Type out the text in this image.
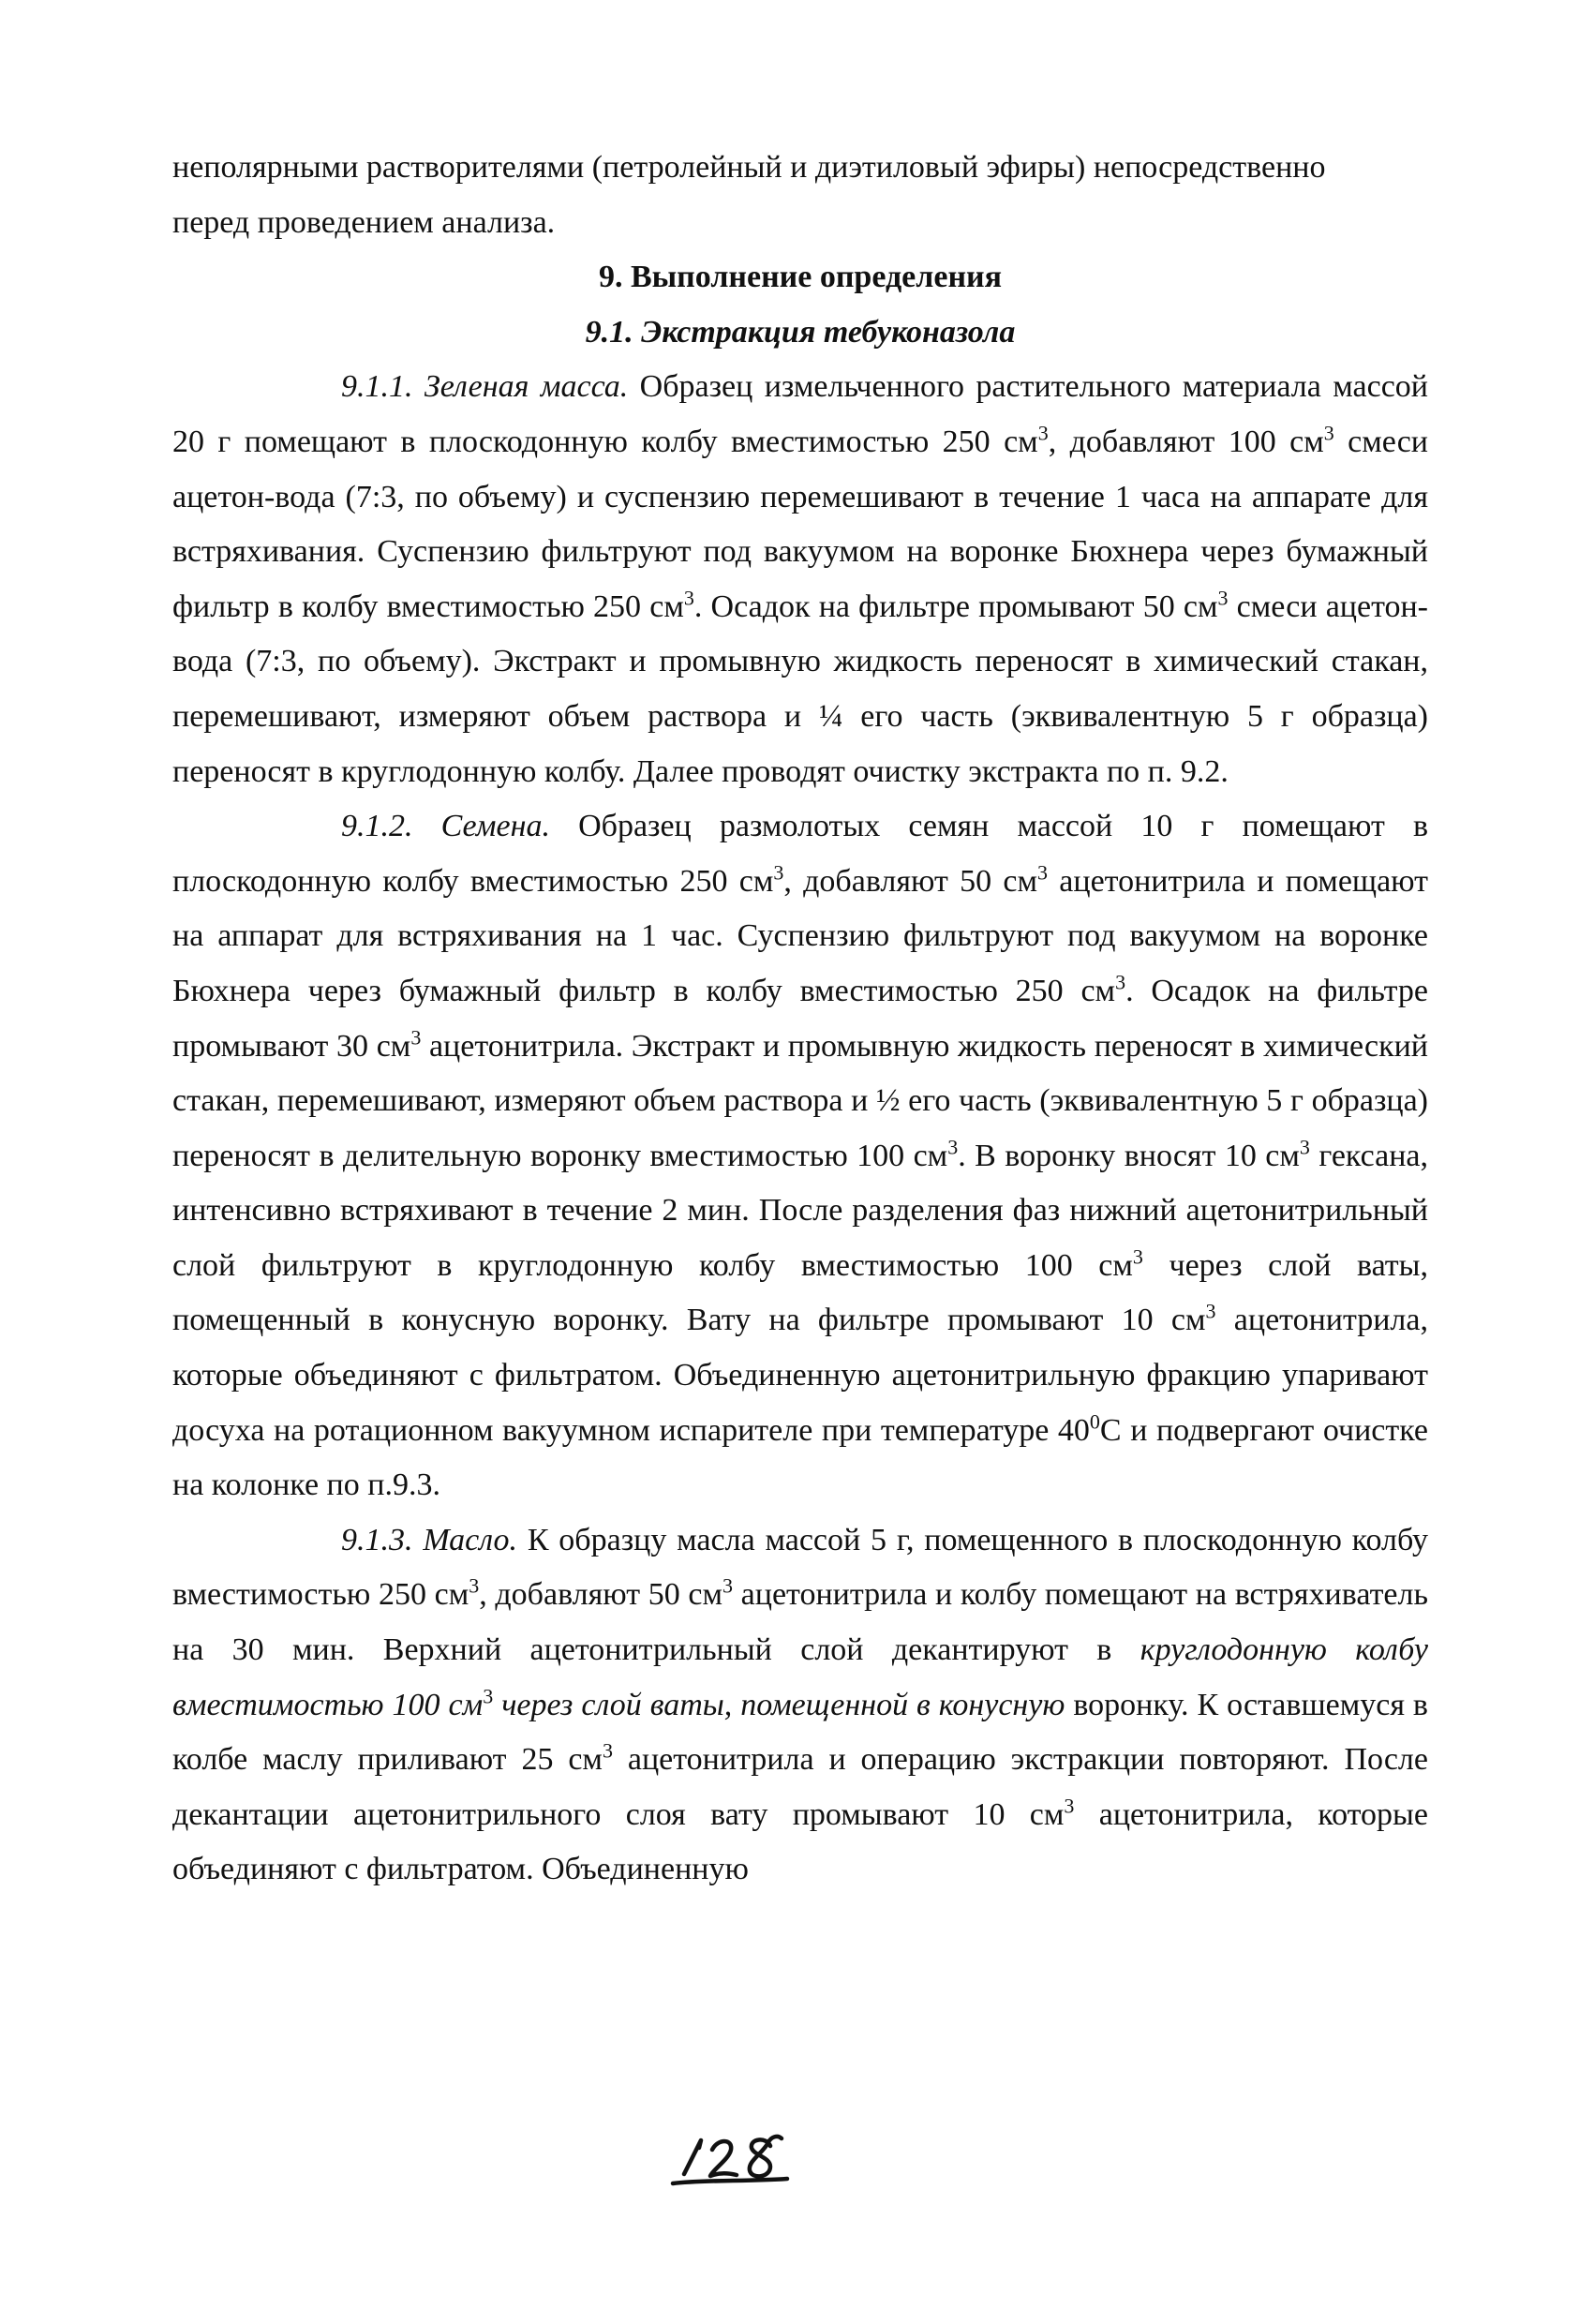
неполярными растворителями (петролейный и диэтиловый эфиры) непосредственно
перед проведением анализа.

9. Выполнение определения

9.1. Экстракция тебуконазола

9.1.1. Зеленая масса. Образец измельченного растительного материала массой 20 г помещают в плоскодонную колбу вместимостью 250 $см^3$, добавляют 100 $см^3$ смеси ацетон-вода (7:3, по объему) и суспензию перемешивают в течение 1 часа на аппарате для встряхивания. Суспензию фильтруют под вакуумом на воронке Бюхнера через бумажный фильтр в колбу вместимостью 250 $см^3$. Осадок на фильтре промывают 50 $см^3$ смеси ацетон-вода (7:3, по объему). Экстракт и промывную жидкость переносят в химический стакан, перемешивают, измеряют объем раствора и ¼ его часть (эквивалентную 5 г образца) переносят в круглодонную колбу. Далее проводят очистку экстракта по п. 9.2.

9.1.2. Семена. Образец размолотых семян массой 10 г помещают в плоскодонную колбу вместимостью 250 $см^3$, добавляют 50 $см^3$ ацетонитрила и помещают на аппарат для встряхивания на 1 час. Суспензию фильтруют под вакуумом на воронке Бюхнера через бумажный фильтр в колбу вместимостью 250 $см^3$. Осадок на фильтре промывают 30 $см^3$ ацетонитрила. Экстракт и промывную жидкость переносят в химический стакан, перемешивают, измеряют объем раствора и ½ его часть (эквивалентную 5 г образца) переносят в делительную воронку вместимостью 100 $см^3$. В воронку вносят 10 $см^3$ гексана, интенсивно встряхивают в течение 2 мин. После разделения фаз нижний ацетонитрильный слой фильтруют в круглодонную колбу вместимостью 100 $см^3$ через слой ваты, помещенный в конусную воронку. Вату на фильтре промывают 10 $см^3$ ацетонитрила, которые объединяют с фильтратом. Объединенную ацетонитрильную фракцию упаривают досуха на ротационном вакуумном испарителе при температуре $40^0С$ и подвергают очистке на колонке по п.9.3.

9.1.3. Масло. К образцу масла массой 5 г, помещенного в плоскодонную колбу вместимостью 250 $см^3$, добавляют 50 $см^3$ ацетонитрила и колбу помещают на встряхиватель на 30 мин. Верхний ацетонитрильный слой декантируют в круглодонную колбу вместимостью 100 $см^3$ через слой ваты, помещенной в конусную воронку. К оставшемуся в колбе маслу приливают 25 $см^3$ ацетонитрила и операцию экстракции повторяют. После декантации ацетонитрильного слоя вату промывают 10 $см^3$ ацетонитрила, которые объединяют с фильтратом. Объединенную
